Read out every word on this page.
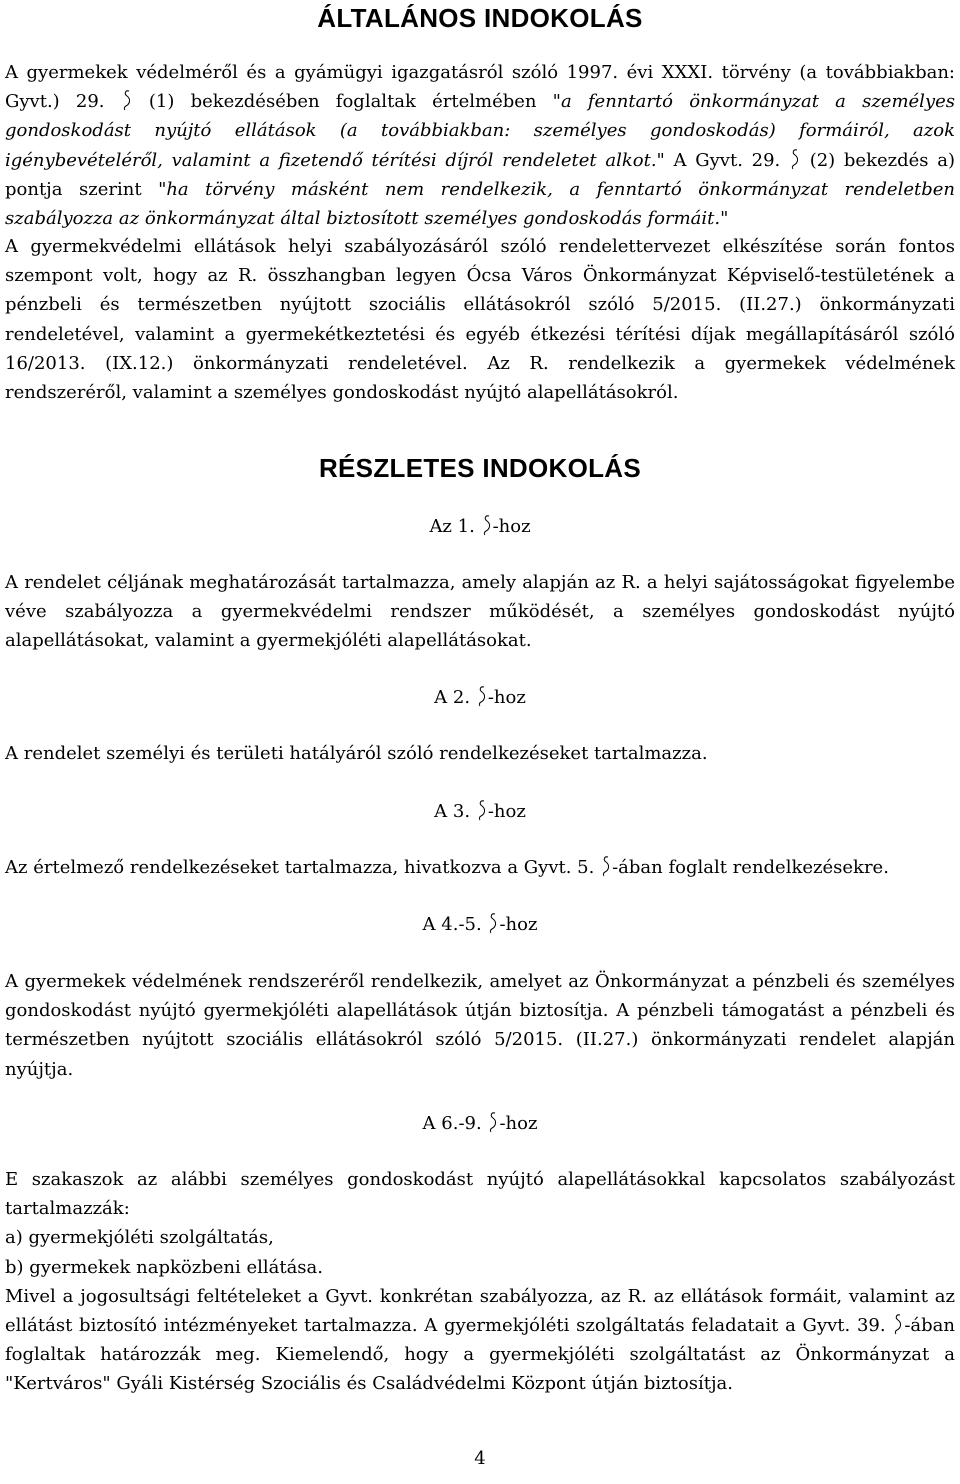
ÁLTALÁNOS INDOKOLÁS

A gyermekek védelméről és a gyámügyi igazgatásról szóló 1997. évi XXXI. törvény (a továbbiakban: Gyvt.) 29. (1) bekezdésében foglaltak értelmében "a fenntartó önkormányzat a személyes gondoskodást nyújtó ellátások (a továbbiakban: személyes gondoskodás) formáiról, azok igénybevételéről, valamint a fizetendő térítési díjról rendeletet alkot." A Gyvt. 29. (2) bekezdés a) pontja szerint "ha törvény másként nem rendelkezik, a fenntartó önkormányzat rendeletben szabályozza az önkormányzat által biztosított személyes gondoskodás formáit."

A gyermekvédelmi ellátások helyi szabályozásáról szóló rendelettervezet elkészítése során fontos szempont volt, hogy az R. összhangban legyen Ócsa Város Önkormányzat Képviselő-testületének a pénzbeli és természetben nyújtott szociális ellátásokról szóló 5/2015. (II.27.) önkormányzati rendeletével, valamint a gyermekétkeztetési és egyéb étkezési térítési díjak megállapításáról szóló 16/2013. (IX.12.) önkormányzati rendeletével. Az R. rendelkezik a gyermekek védelmének rendszeréről, valamint a személyes gondoskodást nyújtó alapellátásokról.

RÉSZLETES INDOKOLÁS
Az 1. -hoz

A rendelet céljának meghatározását tartalmazza, amely alapján az R. a helyi sajátosságokat figyelembe véve szabályozza a gyermekvédelmi rendszer működését, a személyes gondoskodást nyújtó alapellátásokat, valamint a gyermekjóléti alapellátásokat.

A 2. -hoz

A rendelet személyi és területi hatályáról szóló rendelkezéseket tartalmazza.

A 3. -hoz

Az értelmező rendelkezéseket tartalmazza, hivatkozva a Gyvt. 5. -ában foglalt rendelkezésekre.

A 4.-5. -hoz

A gyermekek védelmének rendszeréről rendelkezik, amelyet az Önkormányzat a pénzbeli és személyes gondoskodást nyújtó gyermekjóléti alapellátások útján biztosítja. A pénzbeli támogatást a pénzbeli és természetben nyújtott szociális ellátásokról szóló 5/2015. (II.27.) önkormányzati rendelet alapján nyújtja.

A 6.-9. -hoz

E szakaszok az alábbi személyes gondoskodást nyújtó alapellátásokkal kapcsolatos szabályozást tartalmazzák:

a) gyermekjóléti szolgáltatás,

b) gyermekek napközbeni ellátása.

Mivel a jogosultsági feltételeket a Gyvt. konkrétan szabályozza, az R. az ellátások formáit, valamint az ellátást biztosító intézményeket tartalmazza. A gyermekjóléti szolgáltatás feladatait a Gyvt. 39. -ában foglaltak határozzák meg. Kiemelendő, hogy a gyermekjóléti szolgáltatást az Önkormányzat a "Kertváros" Gyáli Kistérség Szociális és Családvédelmi Központ útján biztosítja.

4
